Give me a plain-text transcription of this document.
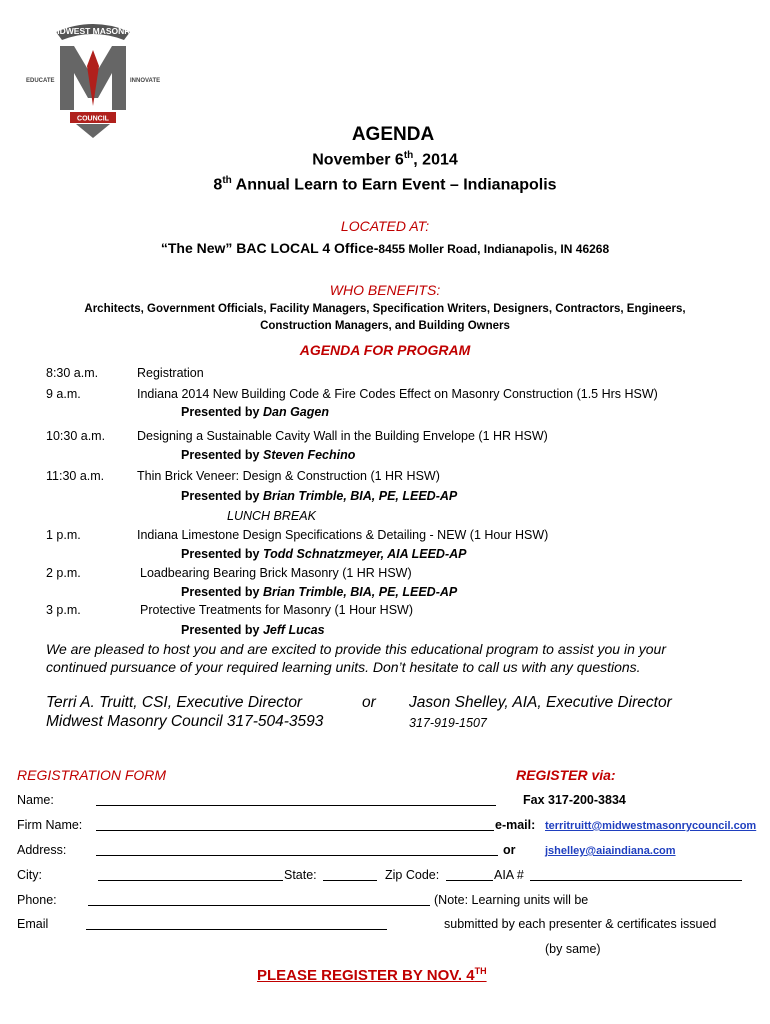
MIDWEST MASONRY
EDUCATE	INNOVATE
COUNCIL
AGENDA
November 6th, 2014
8th Annual Learn to Earn Event – Indianapolis
LOCATED AT:
“The New” BAC LOCAL 4 Office-8455 Moller Road, Indianapolis, IN 46268
WHO BENEFITS:
Architects, Government Officials, Facility Managers, Specification Writers, Designers, Contractors, Engineers,
Construction Managers, and Building Owners
AGENDA FOR PROGRAM
8:30 a.m.	Registration
9 a.m.	Indiana 2014 New Building Code & Fire Codes Effect on Masonry Construction (1.5 Hrs HSW)
Presented by Dan Gagen
10:30 a.m.	Designing a Sustainable Cavity Wall in the Building Envelope (1 HR HSW)
Presented by Steven Fechino
11:30 a.m.	Thin Brick Veneer: Design & Construction (1 HR HSW)
Presented by Brian Trimble, BIA, PE, LEED-AP
LUNCH BREAK
1 p.m.	Indiana Limestone Design Specifications & Detailing - NEW (1 Hour HSW)
Presented by Todd Schnatzmeyer, AIA LEED-AP
2 p.m.	Loadbearing Bearing Brick Masonry (1 HR HSW)
Presented by Brian Trimble, BIA, PE, LEED-AP
3 p.m.	Protective Treatments for Masonry (1 Hour HSW)
Presented by Jeff Lucas
We are pleased to host you and are excited to provide this educational program to assist you in your
continued pursuance of your required learning units. Don’t hesitate to call us with any questions.
Terri A. Truitt, CSI, Executive Director
Midwest Masonry Council 317-504-3593
or Jason Shelley, AIA, Executive Director
317-919-1507
REGISTRATION FORM	REGISTER via:
Fax 317-200-3834
Name:
Firm Name:	e-mail: territruitt@midwestmasonrycouncil.com
Address:	or	jshelley@aiaindiana.com
City:	State:	Zip Code:	AIA #
Phone:	(Note: Learning units will be
Email	submitted by each presenter & certificates issued
(by same)
PLEASE REGISTER BY NOV. 4TH
